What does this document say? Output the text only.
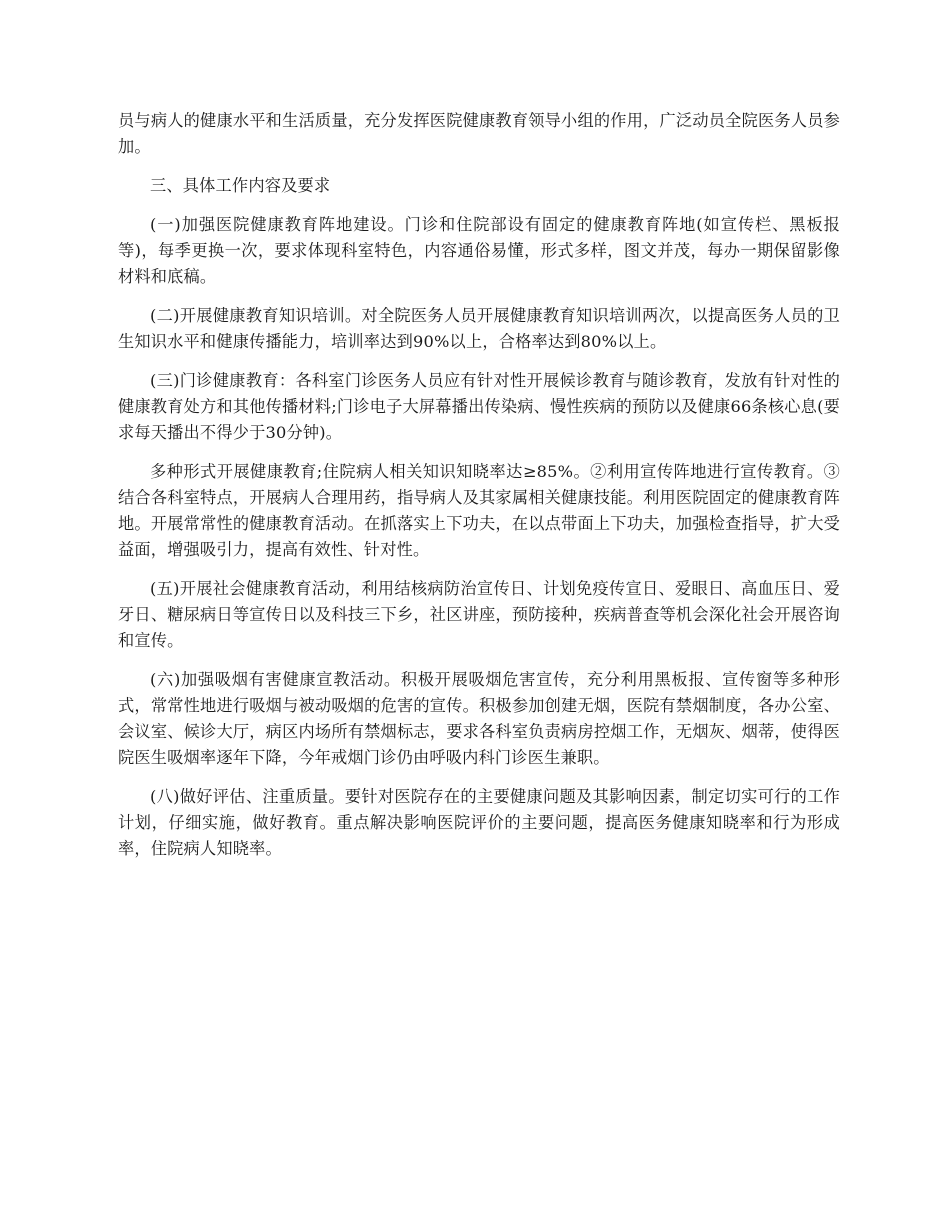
员与病人的健康水平和生活质量，充分发挥医院健康教育领导小组的作用，广泛动员全院医务人员参加。

三、具体工作内容及要求

(一)加强医院健康教育阵地建设。门诊和住院部设有固定的健康教育阵地(如宣传栏、黑板报等)，每季更换一次，要求体现科室特色，内容通俗易懂，形式多样，图文并茂，每办一期保留影像材料和底稿。

(二)开展健康教育知识培训。对全院医务人员开展健康教育知识培训两次，以提高医务人员的卫生知识水平和健康传播能力，培训率达到90%以上，合格率达到80%以上。

(三)门诊健康教育：各科室门诊医务人员应有针对性开展候诊教育与随诊教育，发放有针对性的健康教育处方和其他传播材料;门诊电子大屏幕播出传染病、慢性疾病的预防以及健康66条核心息(要求每天播出不得少于30分钟)。

多种形式开展健康教育;住院病人相关知识知晓率达≥85%。②利用宣传阵地进行宣传教育。③结合各科室特点，开展病人合理用药，指导病人及其家属相关健康技能。利用医院固定的健康教育阵地。开展常常性的健康教育活动。在抓落实上下功夫，在以点带面上下功夫，加强检查指导，扩大受益面，增强吸引力，提高有效性、针对性。

(五)开展社会健康教育活动，利用结核病防治宣传日、计划免疫传宣日、爱眼日、高血压日、爱牙日、糖尿病日等宣传日以及科技三下乡，社区讲座，预防接种，疾病普查等机会深化社会开展咨询和宣传。

(六)加强吸烟有害健康宣教活动。积极开展吸烟危害宣传，充分利用黑板报、宣传窗等多种形式，常常性地进行吸烟与被动吸烟的危害的宣传。积极参加创建无烟，医院有禁烟制度，各办公室、会议室、候诊大厅，病区内场所有禁烟标志，要求各科室负责病房控烟工作，无烟灰、烟蒂，使得医院医生吸烟率逐年下降，今年戒烟门诊仍由呼吸内科门诊医生兼职。

(八)做好评估、注重质量。要针对医院存在的主要健康问题及其影响因素，制定切实可行的工作计划，仔细实施，做好教育。重点解决影响医院评价的主要问题，提高医务健康知晓率和行为形成率，住院病人知晓率。
